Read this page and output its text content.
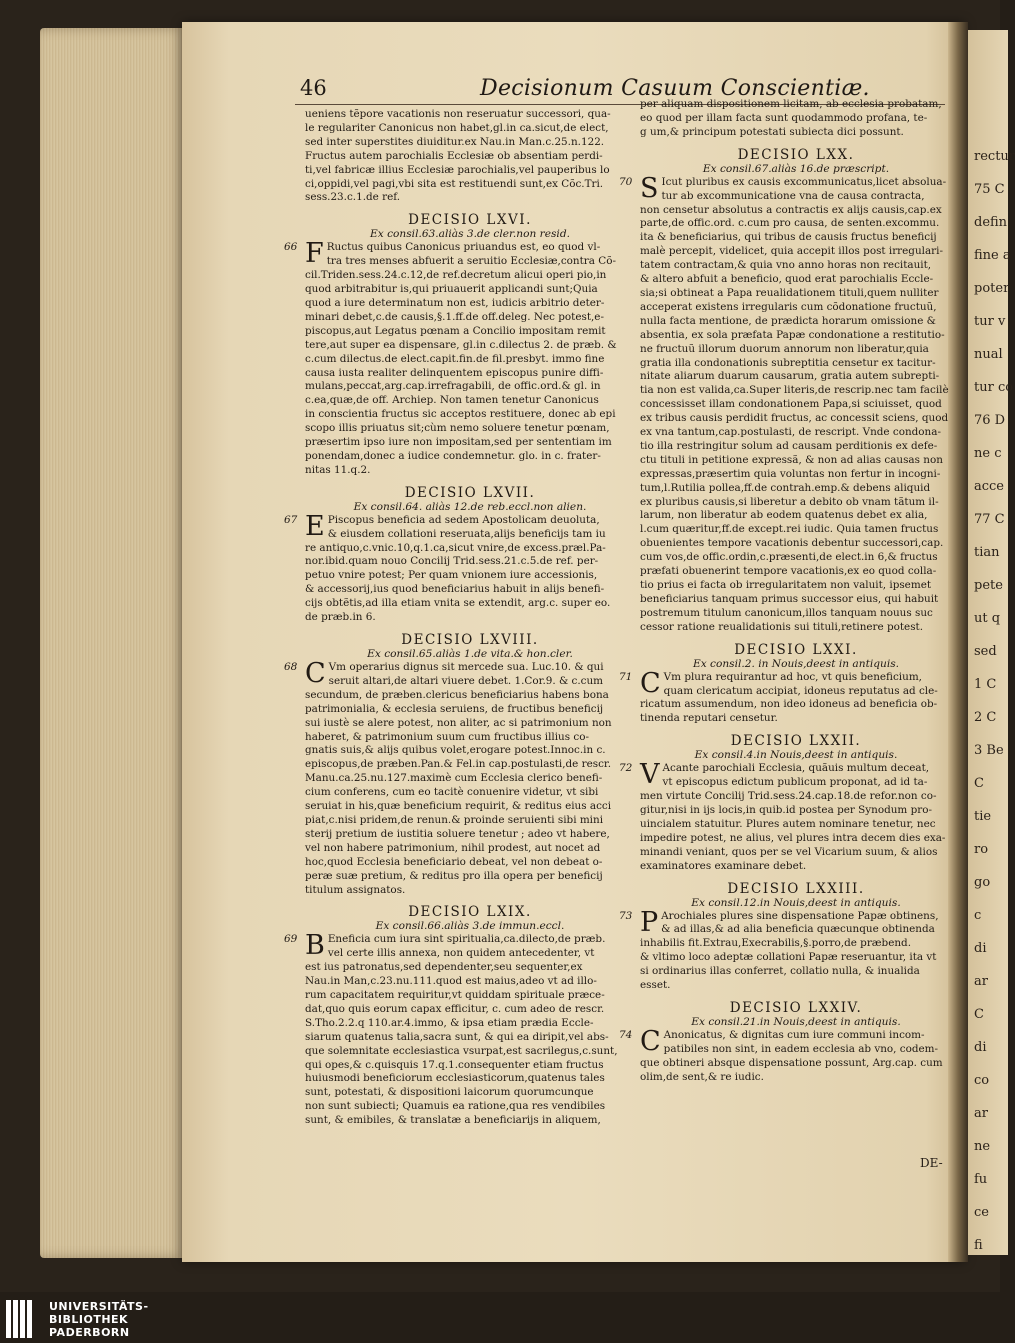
rectur
75 C
defin
fine a
poter
tur v
nual
tur co
76 D
ne c
acce
77 C
tian
pete
ut q
sed
1 C
2 C
3 Be
C
tie
ro
go
c
di
ar
C
di
co
ar
ne
fu
ce
fi
46	Decisionum Casuum Conscientiæ.
ueniens tẽpore vacationis non reseruatur successori, qua-
le regulariter Canonicus non habet,gl.in ca.sicut,de elect,
sed inter superstites diuiditur.ex Nau.in Man.c.25.n.122.
Fructus autem parochialis Ecclesiæ ob absentiam perdi-
ti,vel fabricæ illius Ecclesiæ parochialis,vel pauperibus lo
ci,oppidi,vel pagi,vbi sita est restituendi sunt,ex Cõc.Tri.
sess.23.c.1.de ref.
DECISIO LXVI.
Ex consil.63.aliàs 3.de cler.non resid.
66 F Ructus quibus Canonicus priuandus est, eo quod vl-
tra tres menses abfuerit a seruitio Ecclesiæ,contra Cõ-
cil.Triden.sess.24.c.12,de ref.decretum alicui operi pio,in
quod arbitrabitur is,qui priuauerit applicandi sunt;Quia
quod a iure determinatum non est, iudicis arbitrio deter-
minari debet,c.de causis,§.1.ff.de off.deleg. Nec potest,e-
piscopus,aut Legatus pœnam a Concilio impositam remit
tere,aut super ea dispensare, gl.in c.dilectus 2. de præb. &
c.cum dilectus.de elect.capit.fin.de fil.presbyt. immo fine
causa iusta realiter delinquentem episcopus punire diffi-
mulans,peccat,arg.cap.irrefragabili, de offic.ord.& gl. in
c.ea,quæ,de off. Archiep. Non tamen tenetur Canonicus
in conscientia fructus sic acceptos restituere, donec ab epi
scopo illis priuatus sit;cùm nemo soluere tenetur pœnam,
præsertim ipso iure non impositam,sed per sententiam im
ponendam,donec a iudice condemnetur. glo. in c. frater-
nitas 11.q.2.
DECISIO LXVII.
Ex consil.64. aliàs 12.de reb.eccl.non alien.
67 E Piscopus beneficia ad sedem Apostolicam deuoluta,
& eiusdem collationi reseruata,alijs beneficijs tam iu
re antiquo,c.vnic.10,q.1.ca,sicut vnire,de excess.præl.Pa-
nor.ibid.quam nouo Concilij Trid.sess.21.c.5.de ref. per-
petuo vnire potest; Per quam vnionem iure accessionis,
& accessorij,ius quod beneficiarius habuit in alijs benefi-
cijs obtẽtis,ad illa etiam vnita se extendit, arg.c. super eo.
de præb.in 6.
DECISIO LXVIII.
Ex consil.65.aliàs 1.de vita.& hon.cler.
68 C Vm operarius dignus sit mercede sua. Luc.10. & qui
seruit altari,de altari viuere debet. 1.Cor.9. & c.cum
secundum, de præben.clericus beneficiarius habens bona
patrimonialia, & ecclesia seruiens, de fructibus beneficij
sui iustè se alere potest, non aliter, ac si patrimonium non
haberet, & patrimonium suum cum fructibus illius co-
gnatis suis,& alijs quibus volet,erogare potest.Innoc.in c.
episcopus,de præben.Pan.& Fel.in cap.postulasti,de rescr.
Manu.ca.25.nu.127.maximè cum Ecclesia clerico benefi-
cium conferens, cum eo tacitè conuenire videtur, vt sibi
seruiat in his,quæ beneficium requirit, & reditus eius acci
piat,c.nisi pridem,de renun.& proinde seruienti sibi mini
sterij pretium de iustitia soluere tenetur ; adeo vt habere,
vel non habere patrimonium, nihil prodest, aut nocet ad
hoc,quod Ecclesia beneficiario debeat, vel non debeat o-
peræ suæ pretium, & reditus pro illa opera per beneficij
titulum assignatos.
DECISIO LXIX.
Ex consil.66.aliàs 3.de immun.eccl.
69 B Eneficia cum iura sint spiritualia,ca.dilecto,de præb.
vel certe illis annexa, non quidem antecedenter, vt
est ius patronatus,sed dependenter,seu sequenter,ex
Nau.in Man,c.23.nu.111.quod est maius,adeo vt ad illo-
rum capacitatem requiritur,vt quiddam spirituale præce-
dat,quo quis eorum capax efficitur, c. cum adeo de rescr.
S.Tho.2.2.q 110.ar.4.immo, & ipsa etiam prædia Eccle-
siarum quatenus talia,sacra sunt, & qui ea diripit,vel abs-
que solemnitate ecclesiastica vsurpat,est sacrilegus,c.sunt,
qui opes,& c.quisquis 17.q.1.consequenter etiam fructus
huiusmodi beneficiorum ecclesiasticorum,quatenus tales
sunt, potestati, & dispositioni laicorum quorumcunque
non sunt subiecti; Quamuis ea ratione,qua res vendibiles
sunt, & emibiles, & translatæ a beneficiarijs in aliquem,
per aliquam dispositionem licitam, ab ecclesia probatam,
eo quod per illam facta sunt quodammodo profana, te-
g um,& principum potestati subiecta dici possunt.
DECISIO LXX.
Ex consil.67.aliàs 16.de præscript.
70 S Icut pluribus ex causis excommunicatus,licet absolua-
tur ab excommunicatione vna de causa contracta,
non censetur absolutus a contractis ex alijs causis,cap.ex
parte,de offic.ord. c.cum pro causa, de senten.excommu.
ita & beneficiarius, qui tribus de causis fructus beneficij
malè percepit, videlicet, quia accepit illos post irregulari-
tatem contractam,& quia vno anno horas non recitauit,
& altero abfuit a beneficio, quod erat parochialis Eccle-
sia;si obtineat a Papa reualidationem tituli,quem nulliter
acceperat existens irregularis cum cõdonatione fructuũ,
nulla facta mentione, de prædicta horarum omissione &
absentia, ex sola præfata Papæ condonatione a restitutio-
ne fructuũ illorum duorum annorum non liberatur,quia
gratia illa condonationis subreptitia censetur ex tacitur-
nitate aliarum duarum causarum, gratia autem subrepti-
tia non est valida,ca.Super literis,de rescrip.nec tam facilè
concessisset illam condonationem Papa,si sciuisset, quod
ex tribus causis perdidit fructus, ac concessit sciens, quod
ex vna tantum,cap.postulasti, de rescript. Vnde condona-
tio illa restringitur solum ad causam perditionis ex defe-
ctu tituli in petitione expressã, & non ad alias causas non
expressas,præsertim quia voluntas non fertur in incogni-
tum,l.Rutilia pollea,ff.de contrah.emp.& debens aliquid
ex pluribus causis,si liberetur a debito ob vnam tãtum il-
larum, non liberatur ab eodem quatenus debet ex alia,
l.cum quæritur,ff.de except.rei iudic. Quia tamen fructus
obuenientes tempore vacationis debentur successori,cap.
cum vos,de offic.ordin,c.præsenti,de elect.in 6,& fructus
præfati obuenerint tempore vacationis,ex eo quod colla-
tio prius ei facta ob irregularitatem non valuit, ipsemet
beneficiarius tanquam primus successor eius, qui habuit
postremum titulum canonicum,illos tanquam nouus suc
cessor ratione reualidationis sui tituli,retinere potest.
DECISIO LXXI.
Ex consil.2. in Nouis,deest in antiquis.
71 C Vm plura requirantur ad hoc, vt quis beneficium,
quam clericatum accipiat, idoneus reputatus ad cle-
ricatum assumendum, non ideo idoneus ad beneficia ob-
tinenda reputari censetur.
DECISIO LXXII.
Ex consil.4.in Nouis,deest in antiquis.
72 V Acante parochiali Ecclesia, quãuis multum deceat,
vt episcopus edictum publicum proponat, ad id ta-
men virtute Concilij Trid.sess.24.cap.18.de refor.non co-
gitur,nisi in ijs locis,in quib.id postea per Synodum pro-
uincialem statuitur. Plures autem nominare tenetur, nec
impedire potest, ne alius, vel plures intra decem dies exa-
minandi veniant, quos per se vel Vicarium suum, & alios
examinatores examinare debet.
DECISIO LXXIII.
Ex consil.12.in Nouis,deest in antiquis.
73 P Arochiales plures sine dispensatione Papæ obtinens,
& ad illas,& ad alia beneficia quæcunque obtinenda
inhabilis fit.Extrau,Execrabilis,§.porro,de præbend.
& vltimo loco adeptæ collationi Papæ reseruantur, ita vt
si ordinarius illas conferret, collatio nulla, & inualida
esset.
DECISIO LXXIV.
Ex consil.21.in Nouis,deest in antiquis.
74 C Anonicatus, & dignitas cum iure communi incom-
patibiles non sint, in eadem ecclesia ab vno, codem-
que obtineri absque dispensatione possunt, Arg.cap. cum
olim,de sent,& re iudic.
DE-
UNIVERSITÄTS-
BIBLIOTHEK
PADERBORN
